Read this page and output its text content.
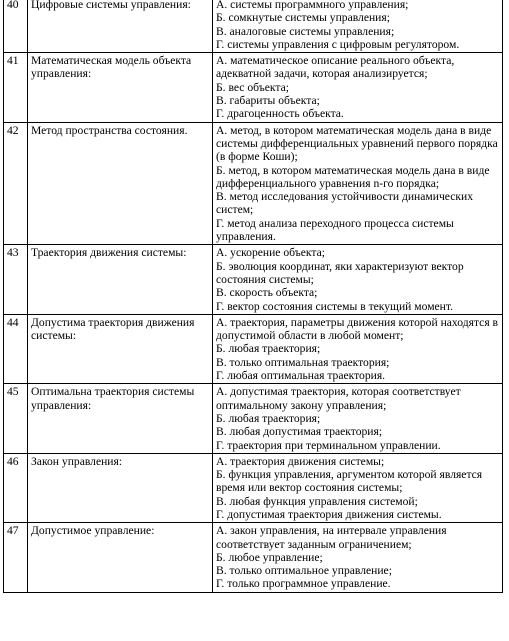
40	Цифровые системы управления:	А. системы программного управления;
Б. сомкнутые системы управления;
В. аналоговые системы управления;
Г. системы управления с цифровым регулятором.

41	Математическая модель объекта управления:	А. математическое описание реального объекта, адекватной задачи, которая анализируется;
Б. вес объекта;
В. габариты объекта;
Г. драгоценность объекта.

42	Метод пространства состояния.	А. метод, в котором математическая модель дана в виде системы дифференциальных уравнений первого порядка (в форме Коши);
Б. метод, в котором математическая модель дана в виде дифференциального уравнения n-го порядка;
В. метод исследования устойчивости динамических систем;
Г. метод анализа переходного процесса системы управления.

43	Траектория движения системы:	А. ускорение объекта;
Б. эволюция координат, яки характеризуют вектор состояния системы;
В. скорость объекта;
Г. вектор состояния системы в текущий момент.

44	Допустима траектория движения системы:	А. траектория, параметры движения которой находятся в допустимой области в любой момент;
Б. любая траектория;
В. только оптимальная траектория;
Г. любая оптимальная траектория.

45	Оптимальна траектория системы управления:	А. допустимая траектория, которая соответствует оптимальному закону управления;
Б. любая траектория;
В. любая допустимая траектория;
Г. траектория при терминальном управлении.

46	Закон управления:	А. траектория движения системы;
Б. функция управления, аргументом которой является время или вектор состояния системы;
В. любая функция управления системой;
Г. допустимая траектория движения системы.

47	Допустимое управление:	А. закон управления, на интервале управления соответствует заданным ограничением;
Б. любое управление;
В. только оптимальное управление;
Г. только программное управление.
